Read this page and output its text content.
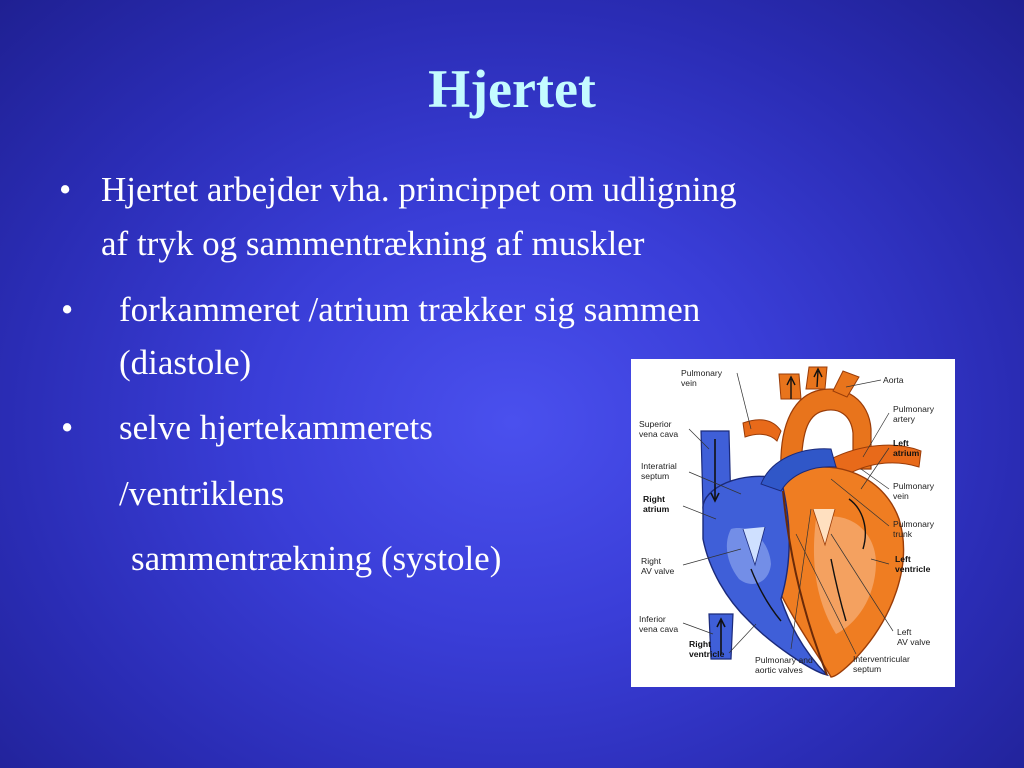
Hjertet
• Hjertet arbejder vha. princippet om udligning
af tryk og sammentrækning af muskler
• forkammeret /atrium trækker sig sammen
(diastole)
• selve hjertekammerets
/ventriklens
sammentrækning (systole)
Pulmonary
vein	Aorta
Pulmonary
artery
Left
atrium
Superior
vena cava
Interatrial
septum
Right
atrium
Pulmonary
vein
Pulmonary
trunk
Right
AV valve
Left
ventricle
Inferior
vena cava	Left
AV valve
Right
ventricle
Pulmonary and
aortic valves
Interventricular
septum
